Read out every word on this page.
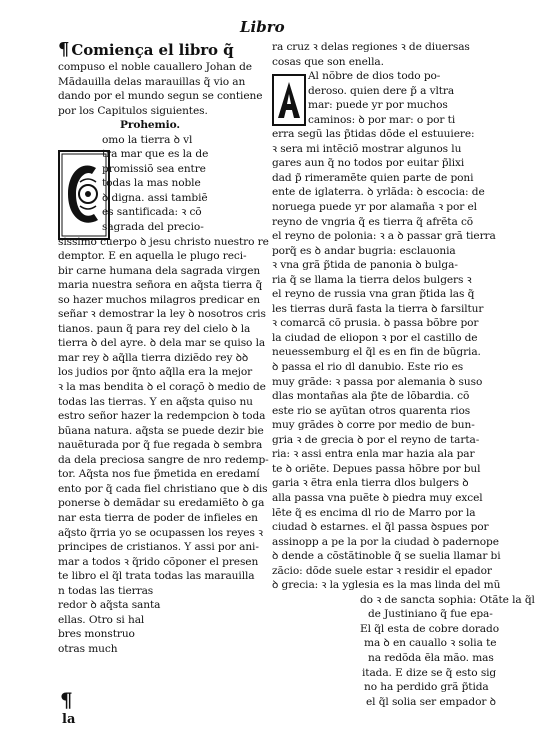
Libro
¶ Comiença el libro q̃
compuso el noble cauallero Johan de
Mãdauilla delas marauillas q̃ vio an
dando por el mundo segun se contiene
por los Capitulos siguientes.
Prohemio.
omo la tierra ꝺ vl
tra mar que es la de
promissiõ sea entre
todas la mas noble
ꝺ digna. assi tambiẽ
es santificada: ꝛ cõ
sagrada del precio-
sissimo cuerpo ꝺ jesu christo nuestro re
demptor. E en aquella le plugo reci-
bir carne humana dela sagrada virgen
maria nuestra señora en aq̃sta tierra q̃
so hazer muchos milagros predicar en
señar ꝛ demostrar la ley ꝺ nosotros cris
tianos. paun q̃ para rey del cielo ꝺ la
tierra ꝺ del ayre. ꝺ dela mar se quiso la
mar rey ꝺ aq̃lla tierra diziẽdo rey ꝺꝺ
los judios por q̃nto aq̃lla era la mejor
ꝛ la mas bendita ꝺ el coraçõ ꝺ medio de
todas las tierras. Y en aq̃sta quiso nu
estro señor hazer la redempcion ꝺ toda
bũana natura. aq̃sta se puede dezir bie
nauẽturada por q̃ fue regada ꝺ sembra
da dela preciosa sangre de nro redemp-
tor. Aq̃sta nos fue p̃metida en eredamí
ento por q̃ cada fiel christiano que ꝺ dis
ponerse ꝺ demãdar su eredamiẽto ꝺ ga
nar esta tierra de poder de infieles en
aq̃sto q̃rria yo se ocupassen los reyes ꝛ
principes de cristianos. Y assi por ani-
mar a todos ꝛ q̃rido cõponer el presen
te libro el q̃l trata todas las marauilla
n todas las tierras
redor ꝺ aq̃sta santa
ellas. Otro si hal
bres monstruo
otras much
ra cruz ꝛ delas regiones ꝛ de diuersas
cosas que son enella.
Al nõbre de dios todo po-
deroso. quien dere p̃ a vltra
mar: puede yr por muchos
caminos: ꝺ por mar: o por ti
erra segũ las p̃tidas dõde el estuuiere:
ꝛ sera mi intẽciõ mostrar algunos lu
gares aun q̃ no todos por euitar p̃lixi
dad p̃ rimeramẽte quien parte de poni
ente de iglaterra. ꝺ yrlãda: ꝺ escocia: de
noruega puede yr por alamaña ꝛ por el
reyno de vngria q̃ es tierra q̃ afrẽta cõ
el reyno de polonia: ꝛ a ꝺ passar grã tierra
porq̃ es ꝺ andar bugria: esclauonia
ꝛ vna grã p̃tida de panonia ꝺ bulga-
ria q̃ se llama la tierra delos bulgers ꝛ
el reyno de russia vna gran p̃tida las q̃
les tierras durã fasta la tierra ꝺ farsiltur
ꝛ comarcã cõ prusia. ꝺ passa bõbre por
la ciudad de eliopon ꝛ por el castillo de
neuessemburg el q̃l es en fin de bũgria.
ꝺ passa el rio dl danubio. Este rio es
muy grãde: ꝛ passa por alemania ꝺ suso
dlas montañas ala p̃te de lõbardia. cõ
este rio se ayũtan otros quarenta rios
muy grãdes ꝺ corre por medio de bun-
gria ꝛ de grecia ꝺ por el reyno de tarta-
ria: ꝛ assi entra enla mar hazia ala par
te ꝺ oriẽte. Depues passa hõbre por bul
garia ꝛ ẽtra enla tierra dlos bulgers ꝺ
alla passa vna puẽte ꝺ piedra muy excel
lẽte q̃ es encima dl rio de Marro por la
ciudad ꝺ estarnes. el q̃l passa ꝺspues por
assinopp a pe la por la ciudad ꝺ padernope
ꝺ dende a cõstãtinoble q̃ se suelia llamar bi
zãcio: dõde suele estar ꝛ residir el epador
ꝺ grecia: ꝛ la yglesia es la mas linda del mũ
do ꝛ de sancta sophia: Otãte la q̃l
de Justiniano q̃ fue epa-
El q̃l esta de cobre dorado
ma ꝺ en cauallo ꝛ solia te
na redõda ẽla mão. mas
itada. E dize se q̃ esto sig
no ha perdido grã p̃tida
el q̃l solia ser empador ꝺ
¶
la
